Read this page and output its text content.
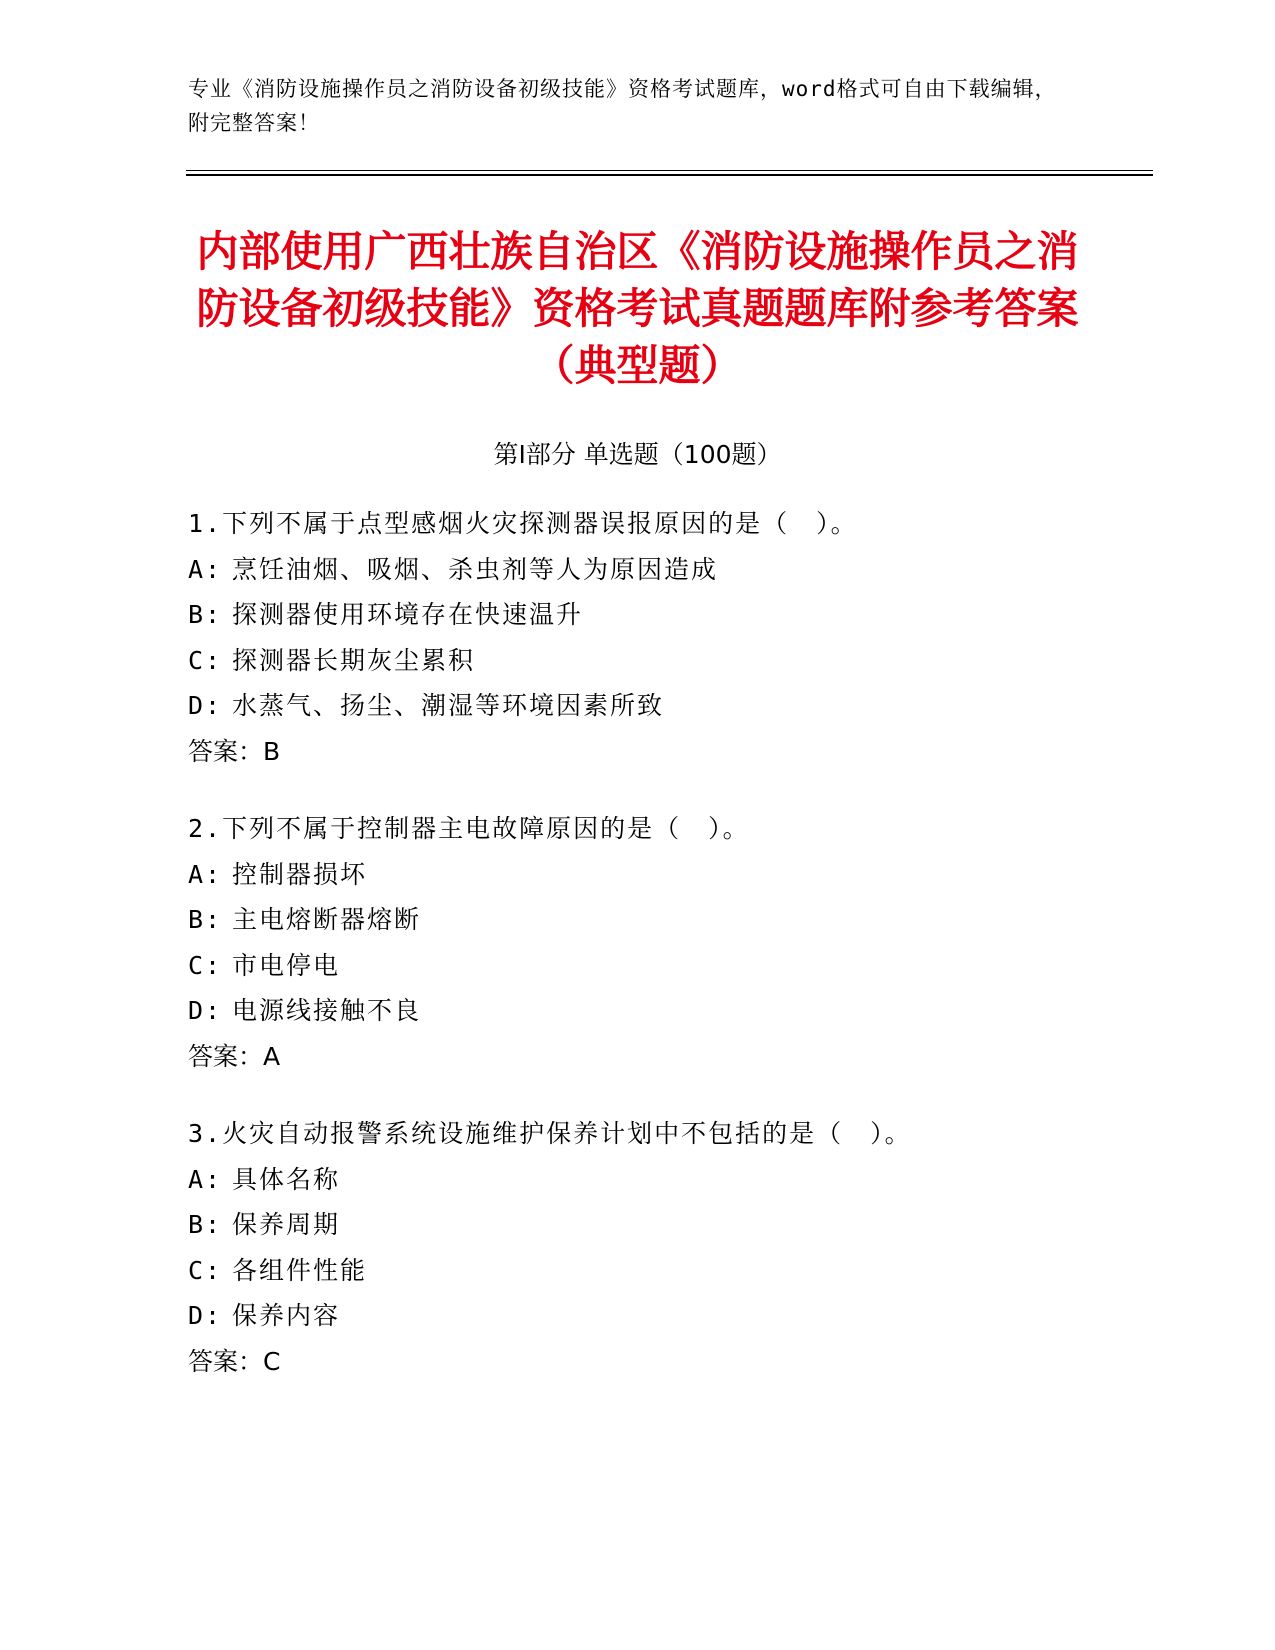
专业《消防设施操作员之消防设备初级技能》资格考试题库，word格式可自由下载编辑，附完整答案！
内部使用广西壮族自治区《消防设施操作员之消防设备初级技能》资格考试真题题库附参考答案（典型题）
第I部分 单选题（100题）
1.下列不属于点型感烟火灾探测器误报原因的是（　）。
A: 烹饪油烟、吸烟、杀虫剂等人为原因造成
B: 探测器使用环境存在快速温升
C: 探测器长期灰尘累积
D: 水蒸气、扬尘、潮湿等环境因素所致
答案：B
2.下列不属于控制器主电故障原因的是（　）。
A: 控制器损坏
B: 主电熔断器熔断
C: 市电停电
D: 电源线接触不良
答案：A
3.火灾自动报警系统设施维护保养计划中不包括的是（　）。
A: 具体名称
B: 保养周期
C: 各组件性能
D: 保养内容
答案：C
